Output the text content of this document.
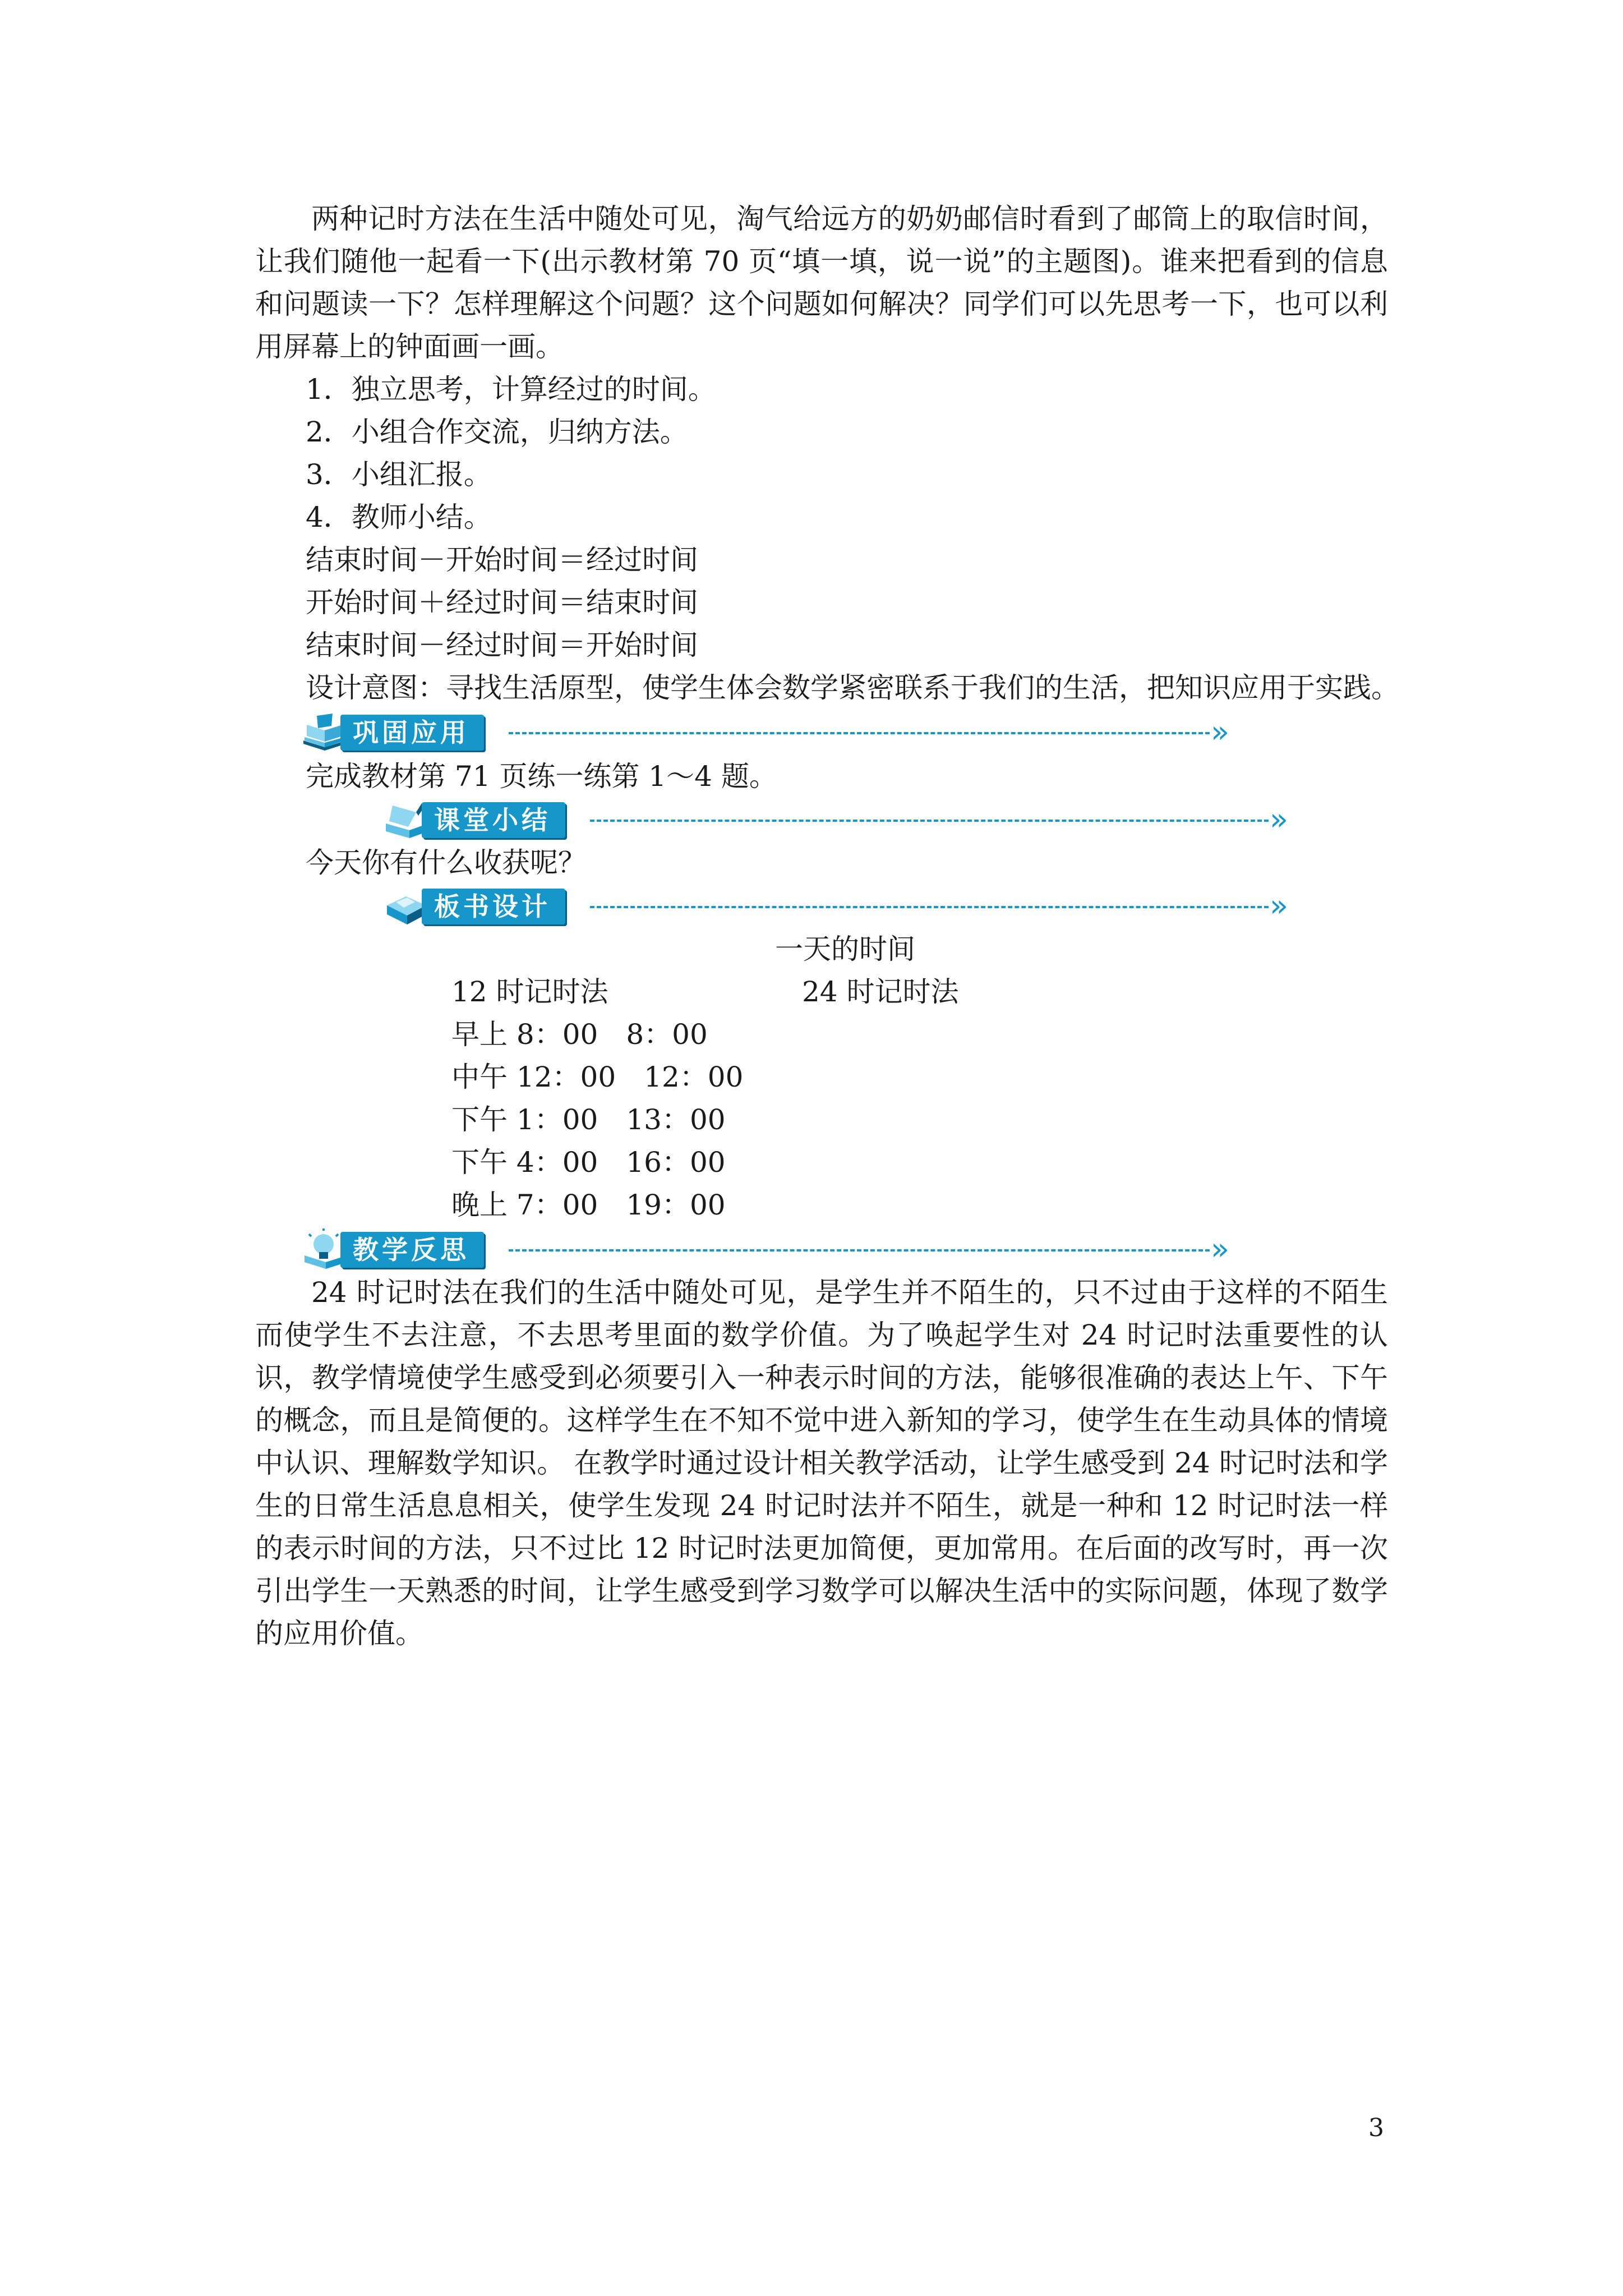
两种记时方法在生活中随处可见，淘气给远方的奶奶邮信时看到了邮筒上的取信时间，让我们随他一起看一下(出示教材第 70 页“填一填，说一说”的主题图)。谁来把看到的信息和问题读一下？怎样理解这个问题？这个问题如何解决？同学们可以先思考一下，也可以利用屏幕上的钟面画一画。
1．独立思考，计算经过的时间。
2．小组合作交流，归纳方法。
3．小组汇报。
4．教师小结。
结束时间－开始时间＝经过时间
开始时间＋经过时间＝结束时间
结束时间－经过时间＝开始时间
设计意图：寻找生活原型，使学生体会数学紧密联系于我们的生活，把知识应用于实践。
巩固应用	»
完成教材第 71 页练一练第 1～4 题。
课堂小结	»
今天你有什么收获呢？
板书设计	»
一天的时间
12 时记时法	24 时记时法
早上 8：00　8：00
中午 12：00　12：00
下午 1：00　13：00
下午 4：00　16：00
晚上 7：00　19：00
教学反思	»
24 时记时法在我们的生活中随处可见，是学生并不陌生的，只不过由于这样的不陌生而使学生不去注意，不去思考里面的数学价值。为了唤起学生对 24 时记时法重要性的认识，教学情境使学生感受到必须要引入一种表示时间的方法，能够很准确的表达上午、下午的概念，而且是简便的。这样学生在不知不觉中进入新知的学习，使学生在生动具体的情境中认识、理解数学知识。 在教学时通过设计相关教学活动，让学生感受到 24 时记时法和学生的日常生活息息相关，使学生发现 24 时记时法并不陌生，就是一种和 12 时记时法一样的表示时间的方法，只不过比 12 时记时法更加简便，更加常用。在后面的改写时，再一次引出学生一天熟悉的时间，让学生感受到学习数学可以解决生活中的实际问题，体现了数学的应用价值。
3
